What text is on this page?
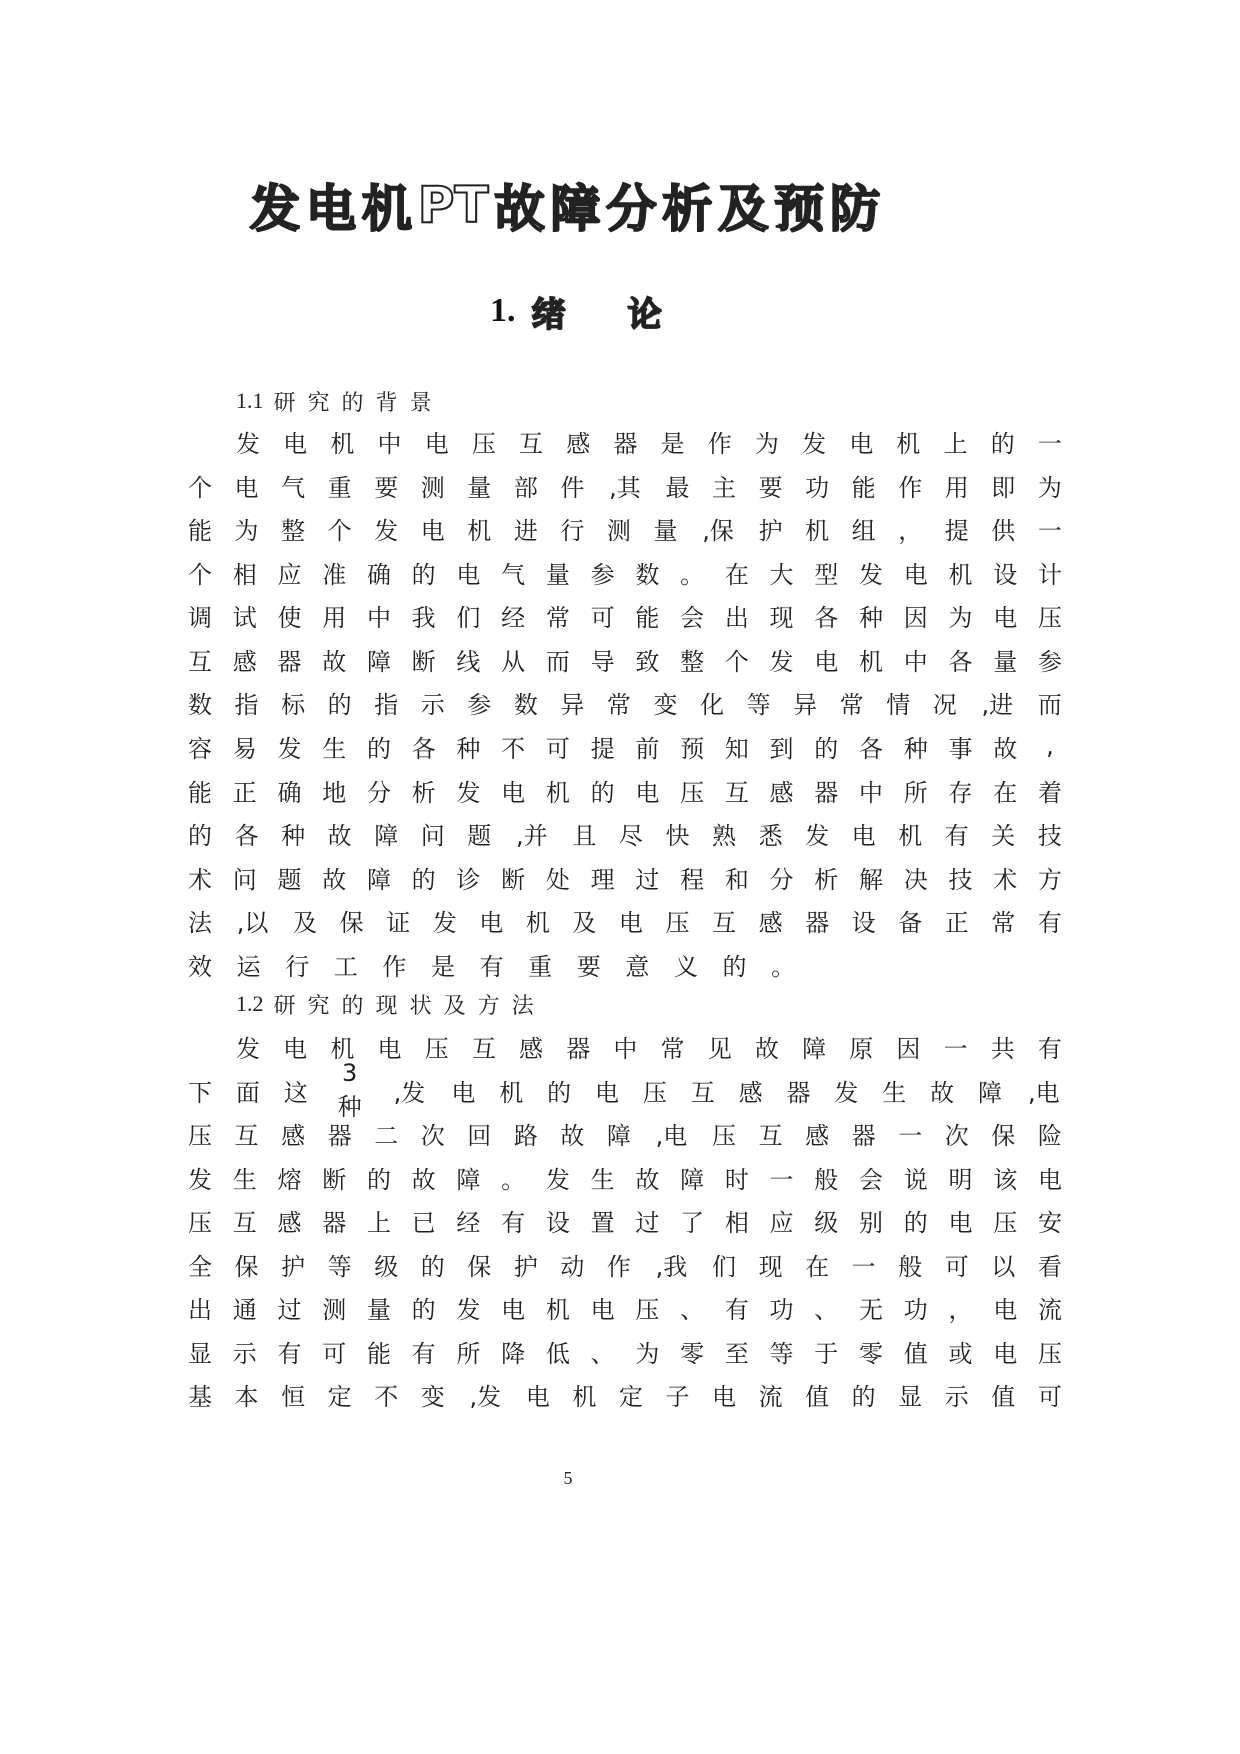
发 电 机 PT 故 障 分 析 及 预 防
1. 绪 论
1.1 研 究 的 背 景
发 电 机 中 电 压 互 感 器 是 作 为 发 电 机 上 的 一
个 电 气 重 要 测 量 部 件 ,其 最 主 要 功 能 作 用 即 为
能 为 整 个 发 电 机 进 行 测 量 ,保 护 机 组 ， 提 供 一
个 相 应 准 确 的 电 气 量 参 数 。 在 大 型 发 电 机 设 计
调 试 使 用 中 我 们 经 常 可 能 会 出 现 各 种 因 为 电 压
互 感 器 故 障 断 线 从 而 导 致 整 个 发 电 机 中 各 量 参
数 指 标 的 指 示 参 数 异 常 变 化 等 异 常 情 况 ,进 而
容 易 发 生 的 各 种 不 可 提 前 预 知 到 的 各 种 事 故	,
能 正 确 地 分 析 发 电 机 的 电 压 互 感 器 中 所 存 在 着
的 各 种 故 障 问 题 ,并 且 尽 快 熟 悉 发 电 机 有 关 技
术 问 题 故 障 的 诊 断 处 理 过 程 和 分 析 解 决 技 术 方
法 ,以 及 保 证 发 电 机 及 电 压 互 感 器 设 备 正 常 有
效 运 行 工 作 是 有 重 要 意 义 的 。
1.2 研 究 的 现 状 及 方 法
发 电 机 电 压 互 感 器 中 常 见 故 障 原 因 一 共 有
下 面 这
3种 ,发 电 机 的 电 压 互 感 器 发 生 故 障 ,电
压 互 感 器 二 次 回 路 故 障 ,电 压 互 感 器 一 次 保 险
发 生 熔 断 的 故 障 。 发 生 故 障 时 一 般 会 说 明 该 电
压 互 感 器 上 已 经 有 设 置 过 了 相 应 级 别 的 电 压 安
全 保 护 等 级 的 保 护 动 作 ,我 们 现 在 一 般 可 以 看
出 通 过 测 量 的 发 电 机 电 压 、 有 功 、 无 功 ， 电 流
显 示 有 可 能 有 所 降 低 、 为 零 至 等 于 零 值 或 电 压
基 本 恒 定 不 变 ,发 电 机 定 子 电 流 值 的 显 示 值 可
5
